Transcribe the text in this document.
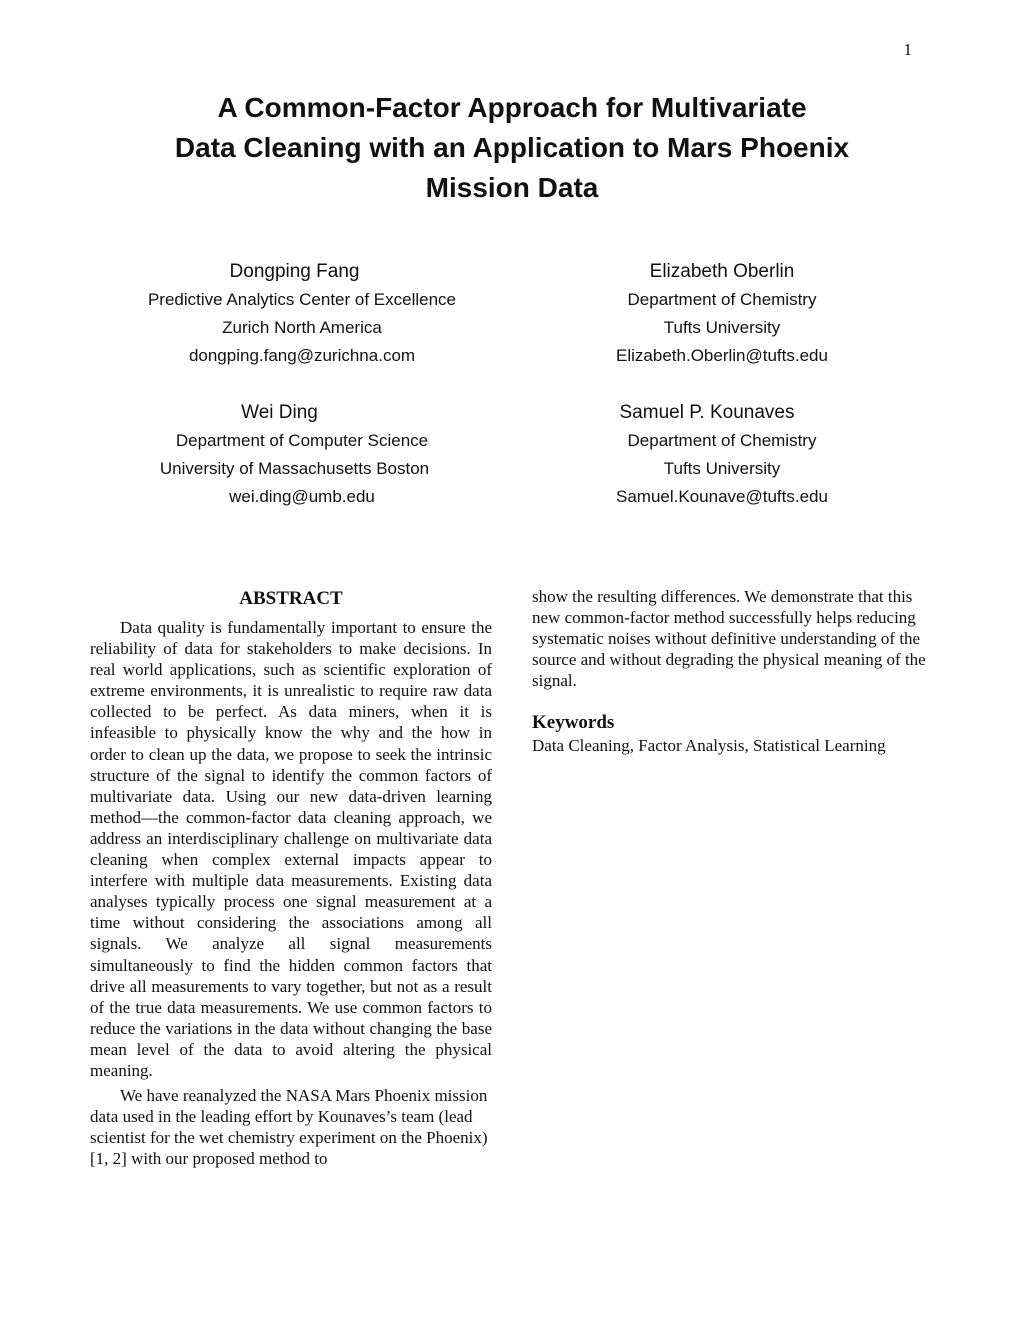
1
A Common-Factor Approach for Multivariate
Data Cleaning with an Application to Mars Phoenix
Mission Data
Dongping Fang
Predictive Analytics Center of Excellence
Zurich North America
dongping.fang@zurichna.com
Elizabeth Oberlin
Department of Chemistry
Tufts University
Elizabeth.Oberlin@tufts.edu
Wei Ding
Department of Computer Science
University of Massachusetts Boston
wei.ding@umb.edu
Samuel P. Kounaves
Department of Chemistry
Tufts University
Samuel.Kounave@tufts.edu
ABSTRACT

Data quality is fundamentally important to ensure the reliability of data for stakeholders to make decisions. In real world applications, such as scientific exploration of extreme environments, it is unrealistic to require raw data collected to be perfect. As data miners, when it is infeasible to physically know the why and the how in order to clean up the data, we propose to seek the intrinsic structure of the signal to identify the common factors of multivariate data. Using our new data-driven learning method—the common-factor data cleaning approach, we address an interdisciplinary challenge on multivariate data cleaning when complex external impacts appear to interfere with multiple data measurements. Existing data analyses typically process one signal measurement at a time without considering the associations among all signals. We analyze all signal measurements simultaneously to find the hidden common factors that drive all measurements to vary together, but not as a result of the true data measurements. We use common factors to reduce the variations in the data without changing the base mean level of the data to avoid altering the physical meaning.

We have reanalyzed the NASA Mars Phoenix mission data used in the leading effort by Kounaves’s team (lead scientist for the wet chemistry experiment on the Phoenix) [1, 2] with our proposed method to

show the resulting differences. We demonstrate that this new common-factor method successfully helps reducing systematic noises without definitive understanding of the source and without degrading the physical meaning of the signal.

Keywords

Data Cleaning, Factor Analysis, Statistical Learning
